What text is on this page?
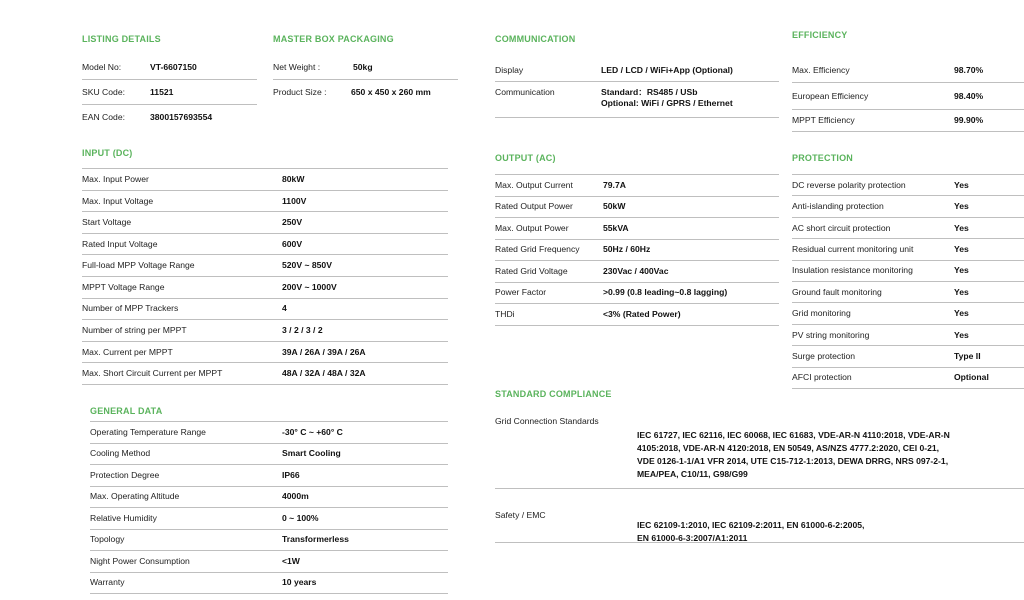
LISTING DETAILS
Model No:	VT-6607150
SKU Code:	11521
EAN Code:	3800157693554
MASTER BOX PACKAGING
Net Weight :	50kg
Product Size :	650 x 450 x 260 mm
INPUT (DC)
Max. Input Power	80kW
Max. Input Voltage	1100V
Start Voltage	250V
Rated Input Voltage	600V
Full-load MPP Voltage Range	520V ~ 850V
MPPT Voltage Range	200V ~ 1000V
Number of MPP Trackers	4
Number of string per MPPT	3 / 2 / 3 / 2
Max. Current per MPPT	39A / 26A / 39A / 26A
Max. Short Circuit Current per MPPT	48A / 32A / 48A / 32A
GENERAL DATA
Operating Temperature Range	-30° C ~ +60° C
Cooling Method	Smart Cooling
Protection Degree	IP66
Max. Operating Altitude	4000m
Relative Humidity	0 ~ 100%
Topology	Transformerless
Night Power Consumption	<1W
Warranty	10 years
COMMUNICATION
Display	LED / LCD / WiFi+App (Optional)
Communication	Standard：RS485 / USb
Optional: WiFi / GPRS / Ethernet
EFFICIENCY
Max. Efficiency	98.70%
European Efficiency	98.40%
MPPT Efficiency	99.90%
OUTPUT (AC)
Max. Output Current	79.7A
Rated Output Power	50kW
Max. Output Power	55kVA
Rated Grid Frequency	50Hz / 60Hz
Rated Grid Voltage	230Vac / 400Vac
Power Factor	>0.99 (0.8 leading~0.8 lagging)
THDi	<3% (Rated Power)
PROTECTION
DC reverse polarity protection	Yes
Anti-islanding protection	Yes
AC short circuit protection	Yes
Residual current monitoring unit	Yes
Insulation resistance monitoring	Yes
Ground fault monitoring	Yes
Grid monitoring	Yes
PV string monitoring	Yes
Surge protection	Type II
AFCI protection	Optional
STANDARD COMPLIANCE
Grid Connection Standards

IEC 61727, IEC 62116, IEC 60068, IEC 61683, VDE-AR-N 4110:2018, VDE-AR-N
4105:2018, VDE-AR-N 4120:2018, EN 50549, AS/NZS 4777.2:2020, CEI 0-21,
VDE 0126-1-1/A1 VFR 2014, UTE C15-712-1:2013, DEWA DRRG, NRS 097-2-1,
MEA/PEA, C10/11, G98/G99

Safety / EMC

IEC 62109-1:2010, IEC 62109-2:2011, EN 61000-6-2:2005,
EN 61000-6-3:2007/A1:2011
